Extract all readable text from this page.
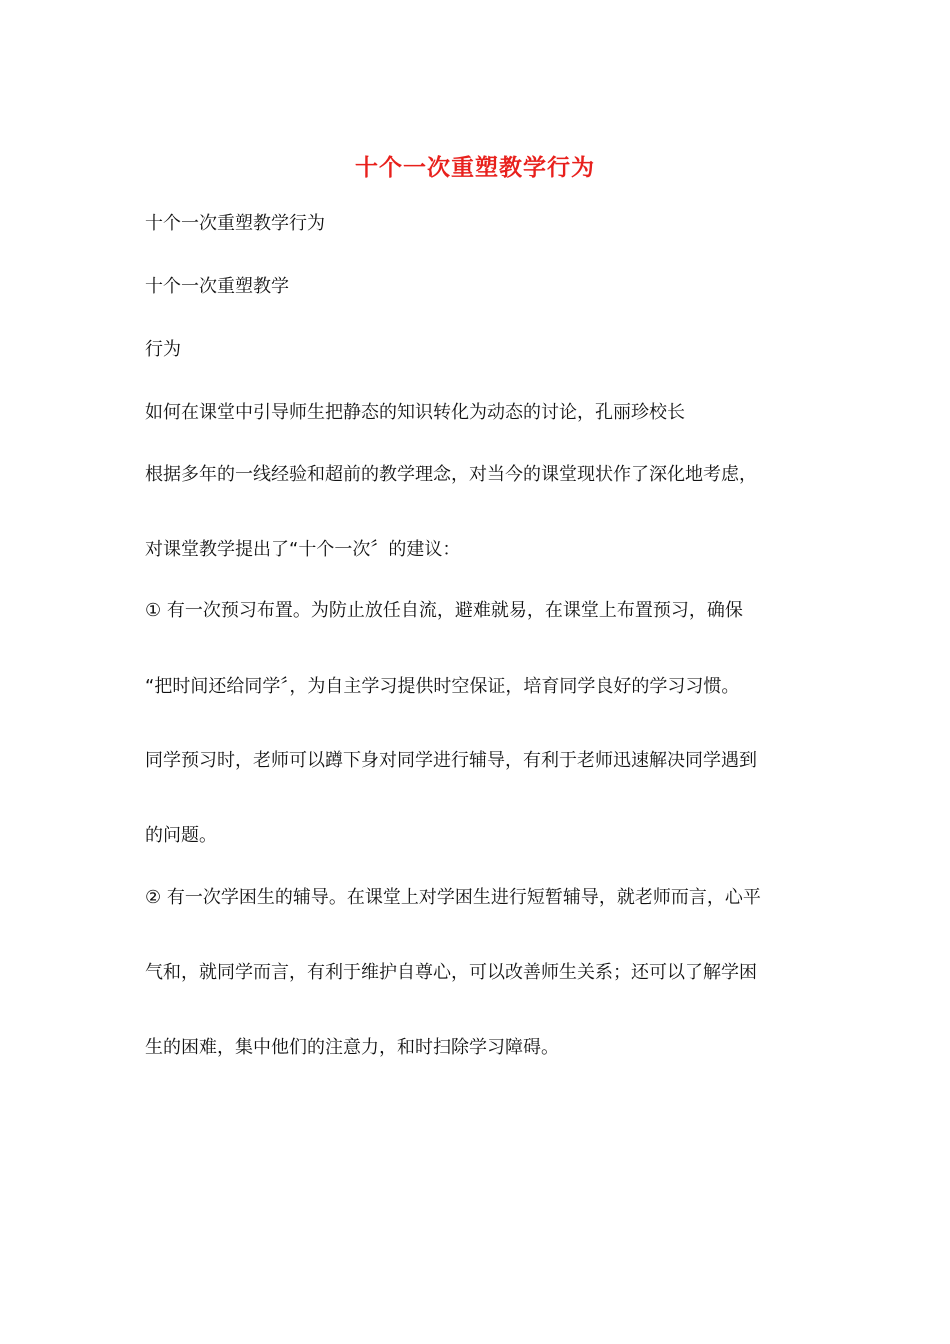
十个一次重塑教学行为
十个一次重塑教学行为
十个一次重塑教学
行为
如何在课堂中引导师生把静态的知识转化为动态的讨论，孔丽珍校长
根据多年的一线经验和超前的教学理念，对当今的课堂现状作了深化地考虑，
对课堂教学提出了“十个一次〞的建议：
① 有一次预习布置。为防止放任自流，避难就易，在课堂上布置预习，确保
“把时间还给同学〞，为自主学习提供时空保证，培育同学良好的学习习惯。
同学预习时，老师可以蹲下身对同学进行辅导，有利于老师迅速解决同学遇到
的问题。
② 有一次学困生的辅导。在课堂上对学困生进行短暂辅导，就老师而言，心平
气和，就同学而言，有利于维护自尊心，可以改善师生关系；还可以了解学困
生的困难，集中他们的注意力，和时扫除学习障碍。
